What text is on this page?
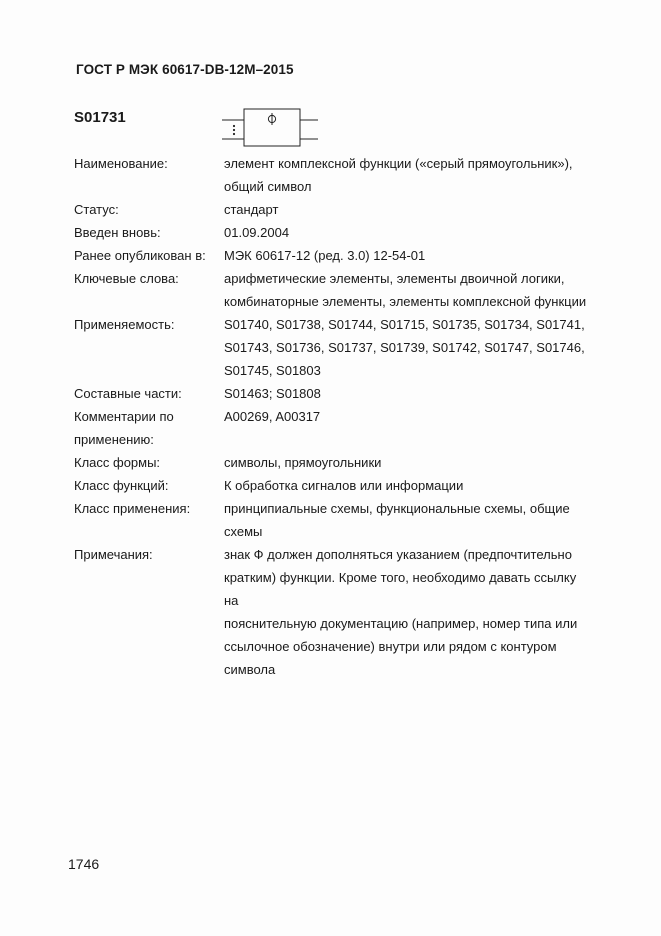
ГОСТ Р МЭК 60617-DB-12М–2015
S01731
Наименование:	элемент комплексной функции («серый прямоугольник»),
общий символ
Статус:	стандарт
Введен вновь:	01.09.2004
Ранее опубликован в:	МЭК 60617-12 (ред. 3.0) 12-54-01
Ключевые слова:	арифметические элементы, элементы двоичной логики,
комбинаторные элементы, элементы комплексной функции
Применяемость:	S01740, S01738, S01744, S01715, S01735, S01734, S01741,
S01743, S01736, S01737, S01739, S01742, S01747, S01746,
S01745, S01803
Составные части:	S01463; S01808
Комментарии по
применению:
A00269, A00317
Класс формы:	символы, прямоугольники
Класс функций:	К обработка сигналов или информации
Класс применения:	принципиальные схемы, функциональные схемы, общие
схемы
Примечания:	знак Ф должен дополняться указанием (предпочтительно
кратким) функции. Кроме того, необходимо давать ссылку на
пояснительную документацию (например, номер типа или
ссылочное обозначение) внутри или рядом с контуром
символа
1746
